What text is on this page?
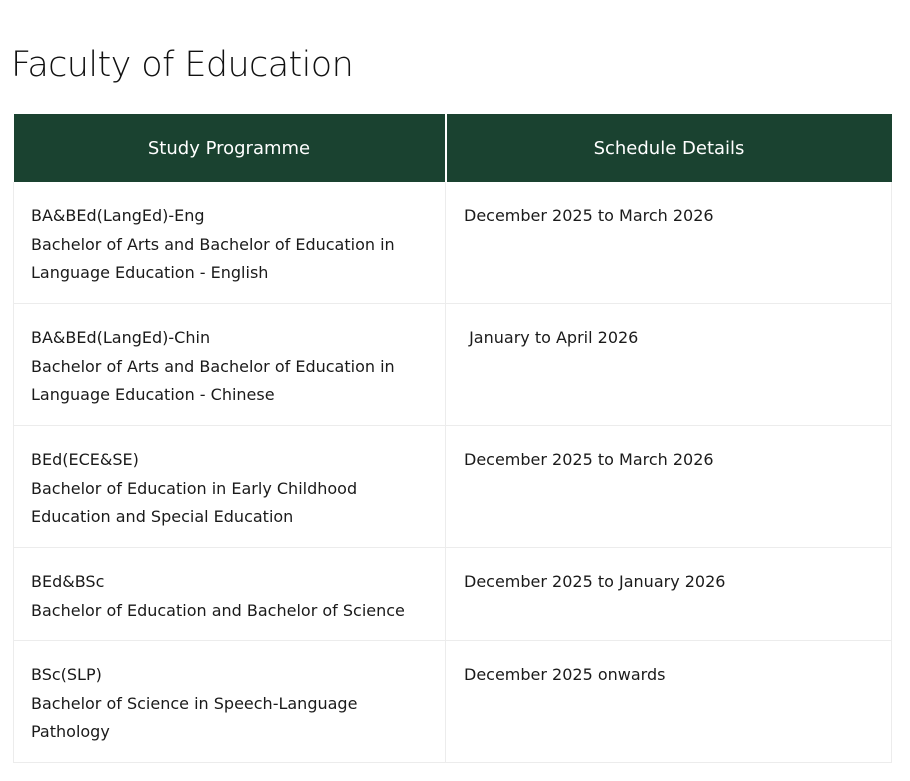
Faculty of Education
Study Programme	Schedule Details

BA&BEd(LangEd)-Eng
Bachelor of Arts and Bachelor of Education in Language Education - English	December 2025 to March 2026

BA&BEd(LangEd)-Chin
Bachelor of Arts and Bachelor of Education in Language Education - Chinese	January to April 2026

BEd(ECE&SE)
Bachelor of Education in Early Childhood Education and Special Education	December 2025 to March 2026

BEd&BSc
Bachelor of Education and Bachelor of Science	December 2025 to January 2026

BSc(SLP)
Bachelor of Science in Speech-Language Pathology	December 2025 onwards
